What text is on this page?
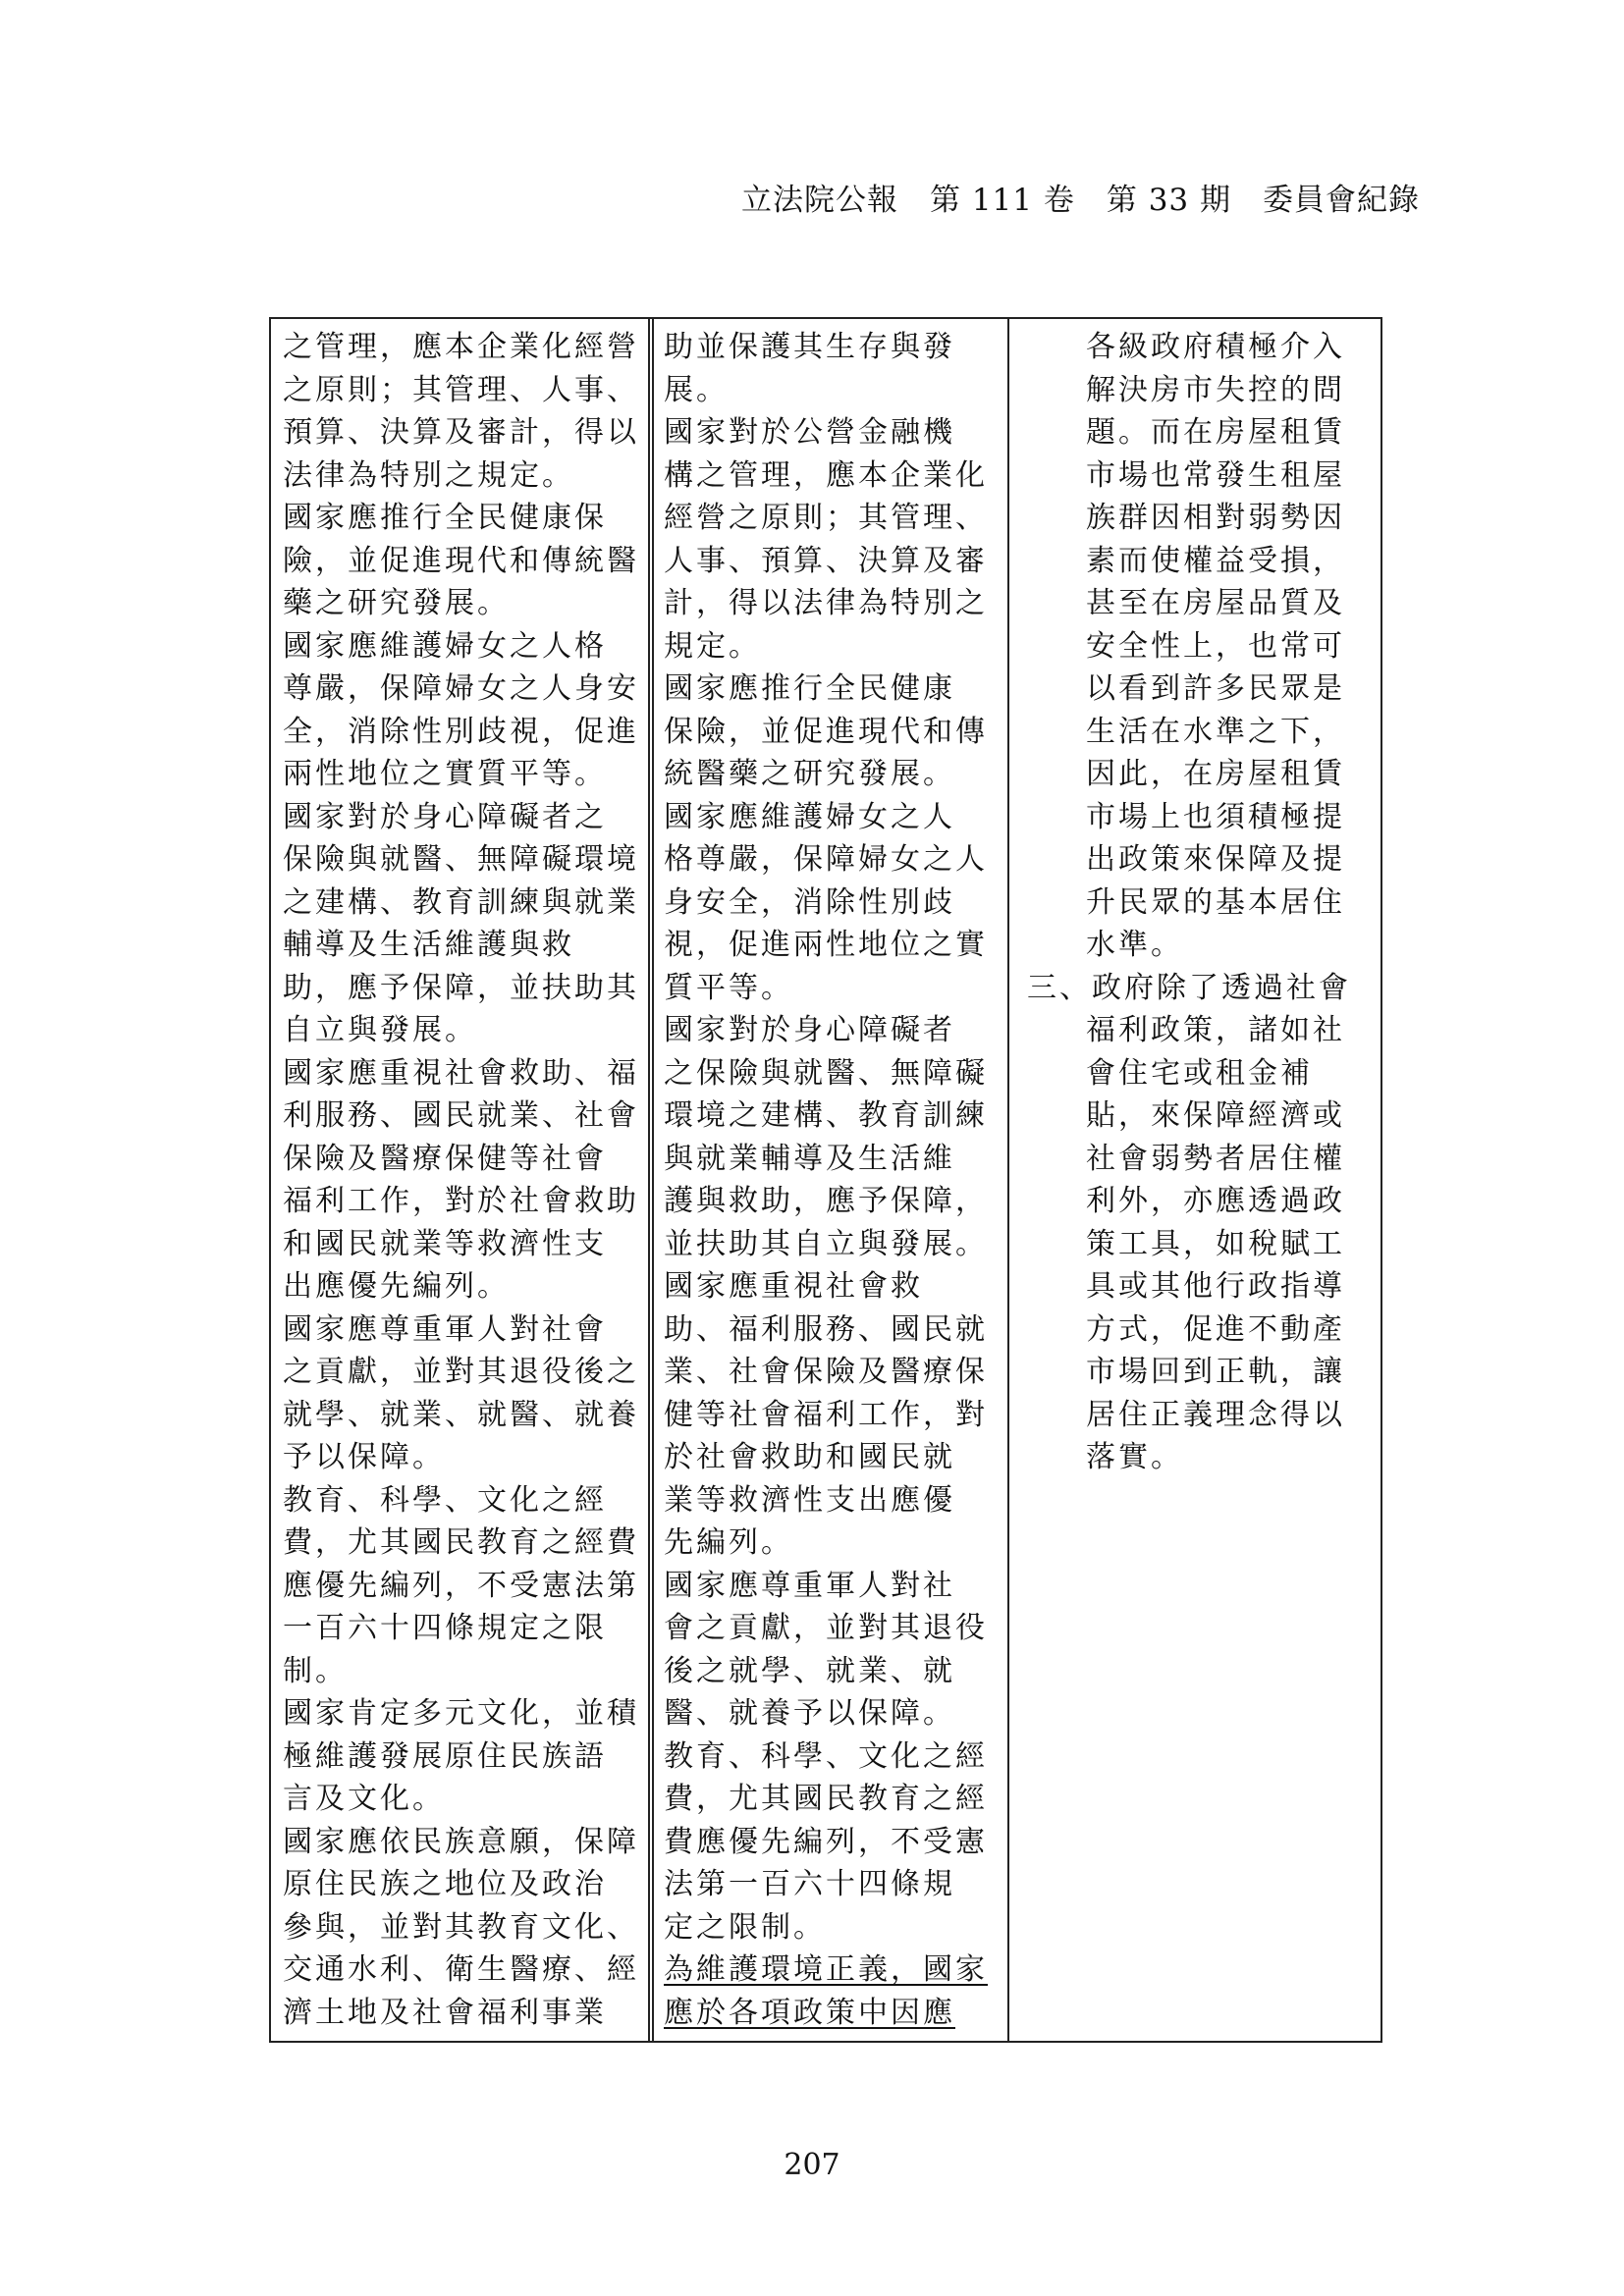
立法院公報　第 111 卷　第 33 期　委員會紀錄
之管理，應本企業化經營
之原則；其管理、人事、
預算、決算及審計，得以
法律為特別之規定。
國家應推行全民健康保
險，並促進現代和傳統醫
藥之研究發展。
國家應維護婦女之人格
尊嚴，保障婦女之人身安
全，消除性別歧視，促進
兩性地位之實質平等。
國家對於身心障礙者之
保險與就醫、無障礙環境
之建構、教育訓練與就業
輔導及生活維護與救
助，應予保障，並扶助其
自立與發展。
國家應重視社會救助、福
利服務、國民就業、社會
保險及醫療保健等社會
福利工作，對於社會救助
和國民就業等救濟性支
出應優先編列。
國家應尊重軍人對社會
之貢獻，並對其退役後之
就學、就業、就醫、就養
予以保障。
教育、科學、文化之經
費，尤其國民教育之經費
應優先編列，不受憲法第
一百六十四條規定之限
制。
國家肯定多元文化，並積
極維護發展原住民族語
言及文化。
國家應依民族意願，保障
原住民族之地位及政治
參與，並對其教育文化、
交通水利、衛生醫療、經
濟土地及社會福利事業
助並保護其生存與發
展。
國家對於公營金融機
構之管理，應本企業化
經營之原則；其管理、
人事、預算、決算及審
計，得以法律為特別之
規定。
國家應推行全民健康
保險，並促進現代和傳
統醫藥之研究發展。
國家應維護婦女之人
格尊嚴，保障婦女之人
身安全，消除性別歧
視，促進兩性地位之實
質平等。
國家對於身心障礙者
之保險與就醫、無障礙
環境之建構、教育訓練
與就業輔導及生活維
護與救助，應予保障，
並扶助其自立與發展。
國家應重視社會救
助、福利服務、國民就
業、社會保險及醫療保
健等社會福利工作，對
於社會救助和國民就
業等救濟性支出應優
先編列。
國家應尊重軍人對社
會之貢獻，並對其退役
後之就學、就業、就
醫、就養予以保障。
教育、科學、文化之經
費，尤其國民教育之經
費應優先編列，不受憲
法第一百六十四條規
定之限制。
為維護環境正義，國家
應於各項政策中因應
各級政府積極介入
解決房市失控的問
題。而在房屋租賃
市場也常發生租屋
族群因相對弱勢因
素而使權益受損，
甚至在房屋品質及
安全性上，也常可
以看到許多民眾是
生活在水準之下，
因此，在房屋租賃
市場上也須積極提
出政策來保障及提
升民眾的基本居住
水準。
三、政府除了透過社會
福利政策，諸如社
會住宅或租金補
貼，來保障經濟或
社會弱勢者居住權
利外，亦應透過政
策工具，如稅賦工
具或其他行政指導
方式，促進不動產
市場回到正軌，讓
居住正義理念得以
落實。
207
